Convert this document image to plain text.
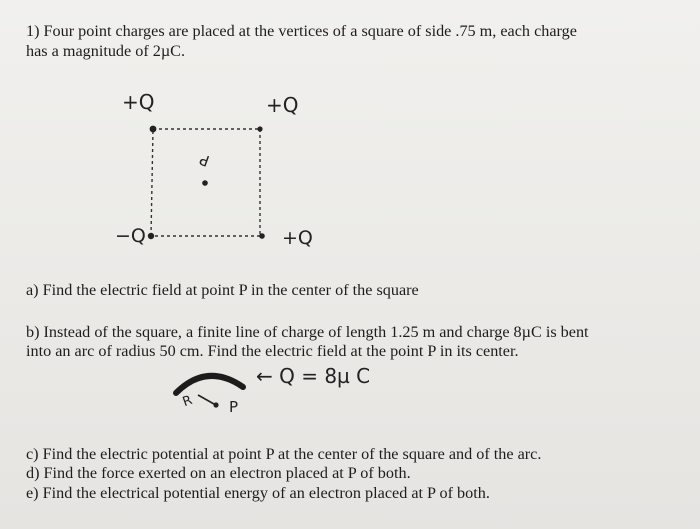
1) Four point charges are placed at the vertices of a square of side .75 m, each charge
has a magnitude of 2µC.
+Q	+Q
−Q	+Q
P
a) Find the electric field at point P in the center of the square
b) Instead of the square, a finite line of charge of length 1.25 m and charge 8µC is bent
into an arc of radius 50 cm. Find the electric field at the point P in its center.
← Q = 8µ C
R P
c) Find the electric potential at point P at the center of the square and of the arc.
d) Find the force exerted on an electron placed at P of both.
e) Find the electrical potential energy of an electron placed at P of both.
